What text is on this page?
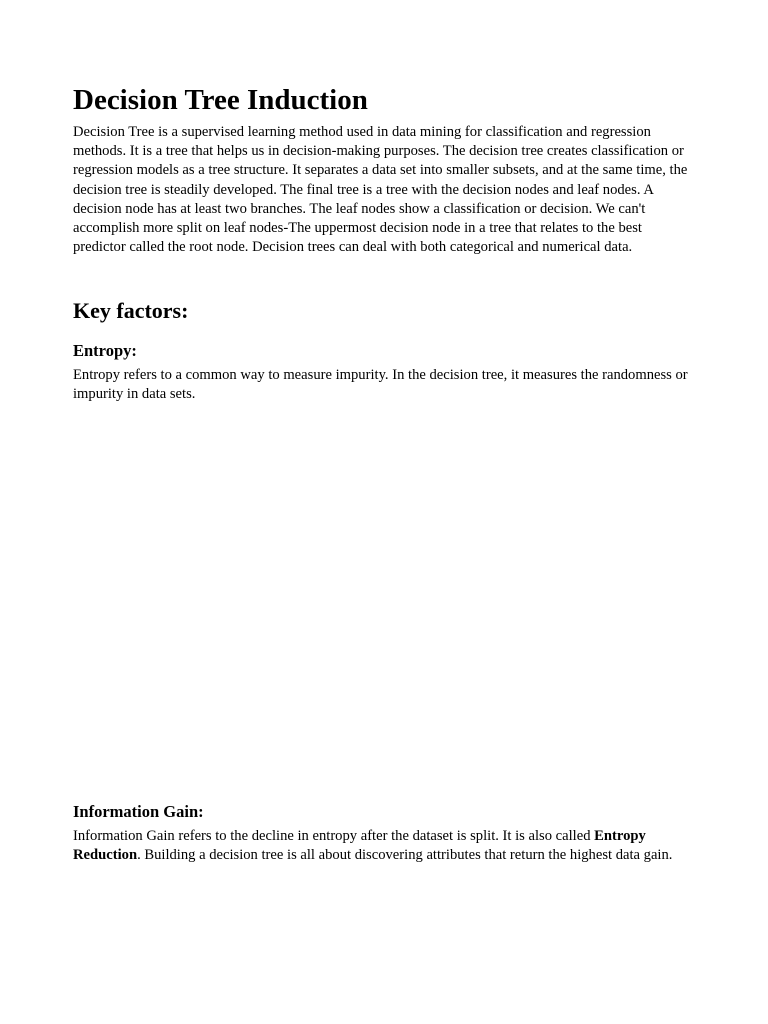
Decision Tree Induction

Decision Tree is a supervised learning method used in data mining for classification and regression methods. It is a tree that helps us in decision-making purposes. The decision tree creates classification or regression models as a tree structure. It separates a data set into smaller subsets, and at the same time, the decision tree is steadily developed. The final tree is a tree with the decision nodes and leaf nodes. A decision node has at least two branches. The leaf nodes show a classification or decision. We can't accomplish more split on leaf nodes-The uppermost decision node in a tree that relates to the best predictor called the root node. Decision trees can deal with both categorical and numerical data.

Key factors:
Entropy:

Entropy refers to a common way to measure impurity. In the decision tree, it measures the randomness or impurity in data sets.

Information Gain:

Information Gain refers to the decline in entropy after the dataset is split. It is also called Entropy Reduction. Building a decision tree is all about discovering attributes that return the highest data gain.
